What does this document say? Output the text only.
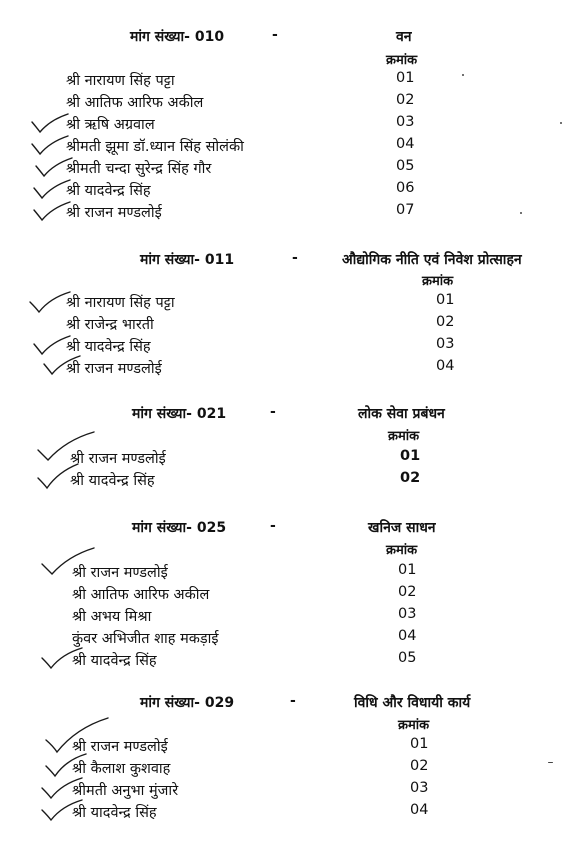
मांग संख्या- 010	-	वन
क्रमांक
श्री नारायण सिंह पट्टा	01
श्री आतिफ आरिफ अकील	02
श्री ऋषि अग्रवाल	03
श्रीमती झूमा डॉ.ध्यान सिंह सोलंकी	04
श्रीमती चन्दा सुरेन्द्र सिंह गौर	05
श्री यादवेन्द्र सिंह	06
श्री राजन मण्डलोई	07
मांग संख्या- 011	-	औद्योगिक नीति एवं निवेश प्रोत्साहन
क्रमांक
श्री नारायण सिंह पट्टा	01
श्री राजेन्द्र भारती	02
श्री यादवेन्द्र सिंह	03
श्री राजन मण्डलोई	04
मांग संख्या- 021	-	लोक सेवा प्रबंधन
क्रमांक
श्री राजन मण्डलोई	01
श्री यादवेन्द्र सिंह	02
मांग संख्या- 025	-	खनिज साधन
क्रमांक
श्री राजन मण्डलोई	01
श्री आतिफ आरिफ अकील	02
श्री अभय मिश्रा	03
कुंवर अभिजीत शाह मकड़ाई	04
श्री यादवेन्द्र सिंह	05
मांग संख्या- 029	-	विधि और विधायी कार्य
क्रमांक
श्री राजन मण्डलोई	01
श्री कैलाश कुशवाह	02
श्रीमती अनुभा मुंजारे	03
श्री यादवेन्द्र सिंह	04
